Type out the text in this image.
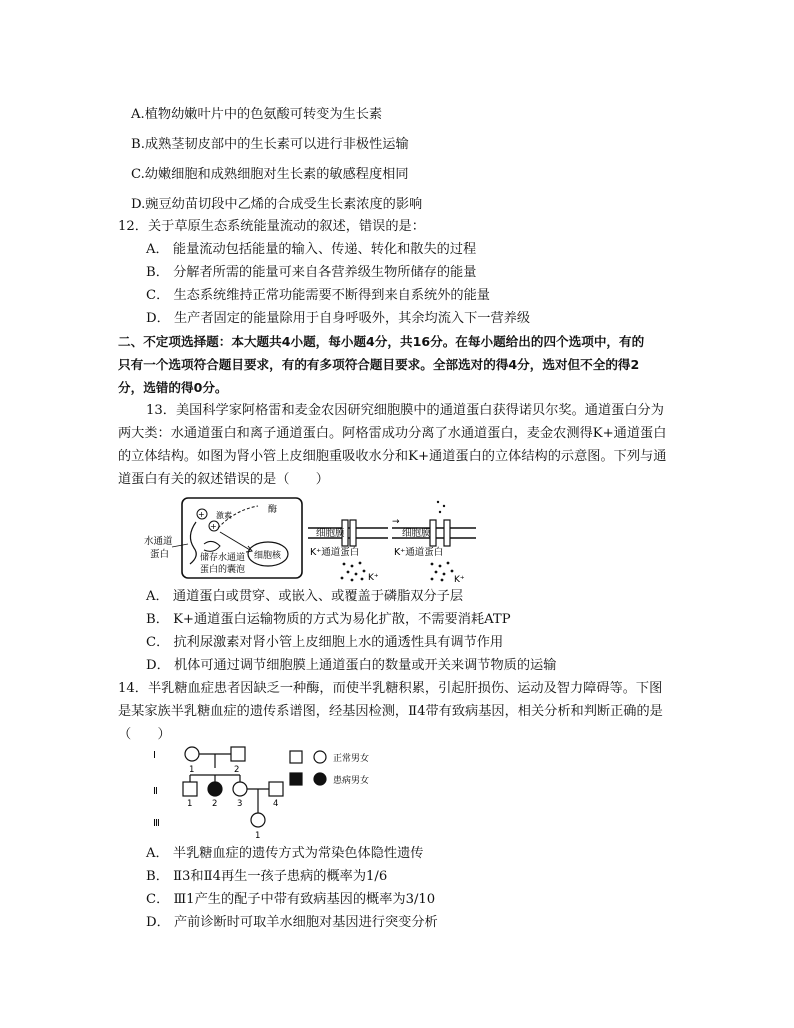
A.植物幼嫩叶片中的色氨酸可转变为生长素
B.成熟茎韧皮部中的生长素可以进行非极性运输
C.幼嫩细胞和成熟细胞对生长素的敏感程度相同
D.豌豆幼苗切段中乙烯的合成受生长素浓度的影响
12．关于草原生态系统能量流动的叙述，错误的是：
A． 能量流动包括能量的输入、传递、转化和散失的过程
B． 分解者所需的能量可来自各营养级生物所储存的能量
C． 生态系统维持正常功能需要不断得到来自系统外的能量
D． 生产者固定的能量除用于自身呼吸外，其余均流入下一营养级
二、不定项选择题：本大题共4小题，每小题4分，共16分。在每小题给出的四个选项中，有的
只有一个选项符合题目要求，有的有多项符合题目要求。全部选对的得4分，选对但不全的得2
分，选错的得0分。
13．美国科学家阿格雷和麦金农因研究细胞膜中的通道蛋白获得诺贝尔奖。通道蛋白分为
两大类：水通道蛋白和离子通道蛋白。阿格雷成功分离了水通道蛋白，麦金农测得K+通道蛋白
的立体结构。如图为肾小管上皮细胞重吸收水分和K+通道蛋白的立体结构的示意图。下列与通
道蛋白有关的叙述错误的是（　　）
细胞核
+
+
酶
激素
水通道
蛋白	储存水通道
蛋白的囊泡
细胞膜
K⁺通道蛋白
K⁺
→
细胞膜
K⁺通道蛋白
K⁺
A． 通道蛋白或贯穿、或嵌入、或覆盖于磷脂双分子层
B． K+通道蛋白运输物质的方式为易化扩散，不需要消耗ATP
C． 抗利尿激素对肾小管上皮细胞上水的通透性具有调节作用
D． 机体可通过调节细胞膜上通道蛋白的数量或开关来调节物质的运输
14．半乳糖血症患者因缺乏一种酶，而使半乳糖积累，引起肝损伤、运动及智力障碍等。下图
是某家族半乳糖血症的遗传系谱图，经基因检测，Ⅱ4带有致病基因，相关分析和判断正确的是
（　　）
Ⅰ
Ⅱ
Ⅲ
1	2
1 2 3	4
1
正常男女
患病男女
A． 半乳糖血症的遗传方式为常染色体隐性遗传
B． Ⅱ3和Ⅱ4再生一孩子患病的概率为1/6
C． Ⅲ1产生的配子中带有致病基因的概率为3/10
D． 产前诊断时可取羊水细胞对基因进行突变分析
